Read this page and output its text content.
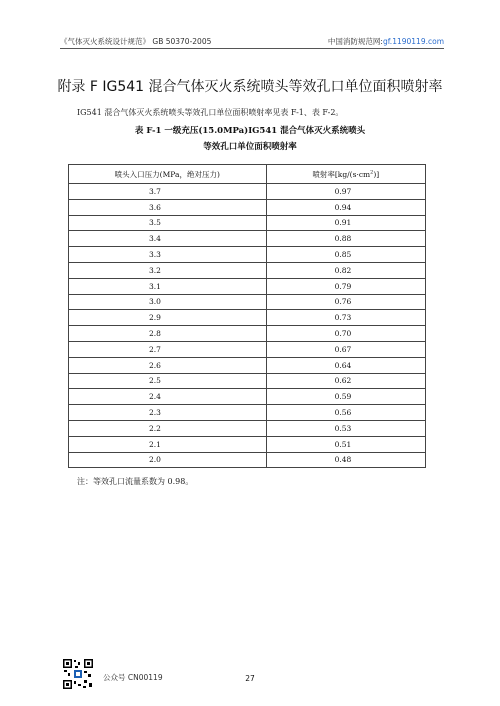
《气体灭火系统设计规范》 GB 50370-2005	中国消防规范网:gf.1190119.com
附录 F IG541 混合气体灭火系统喷头等效孔口单位面积喷射率
IG541 混合气体灭火系统喷头等效孔口单位面积喷射率见表 F-1、表 F-2。
表 F-1 一级充压(15.0MPa)IG541 混合气体灭火系统喷头
等效孔口单位面积喷射率
喷头入口压力(MPa，绝对压力)	喷射率$[kg/(s\cdot cm^2)]$
3.7	0.97
3.6	0.94
3.5	0.91
3.4	0.88
3.3	0.85
3.2	0.82
3.1	0.79
3.0	0.76
2.9	0.73
2.8	0.70
2.7	0.67
2.6	0.64
2.5	0.62
2.4	0.59
2.3	0.56
2.2	0.53
2.1	0.51
2.0	0.48
注：等效孔口流量系数为 0.98。
公众号 CN00119	27
